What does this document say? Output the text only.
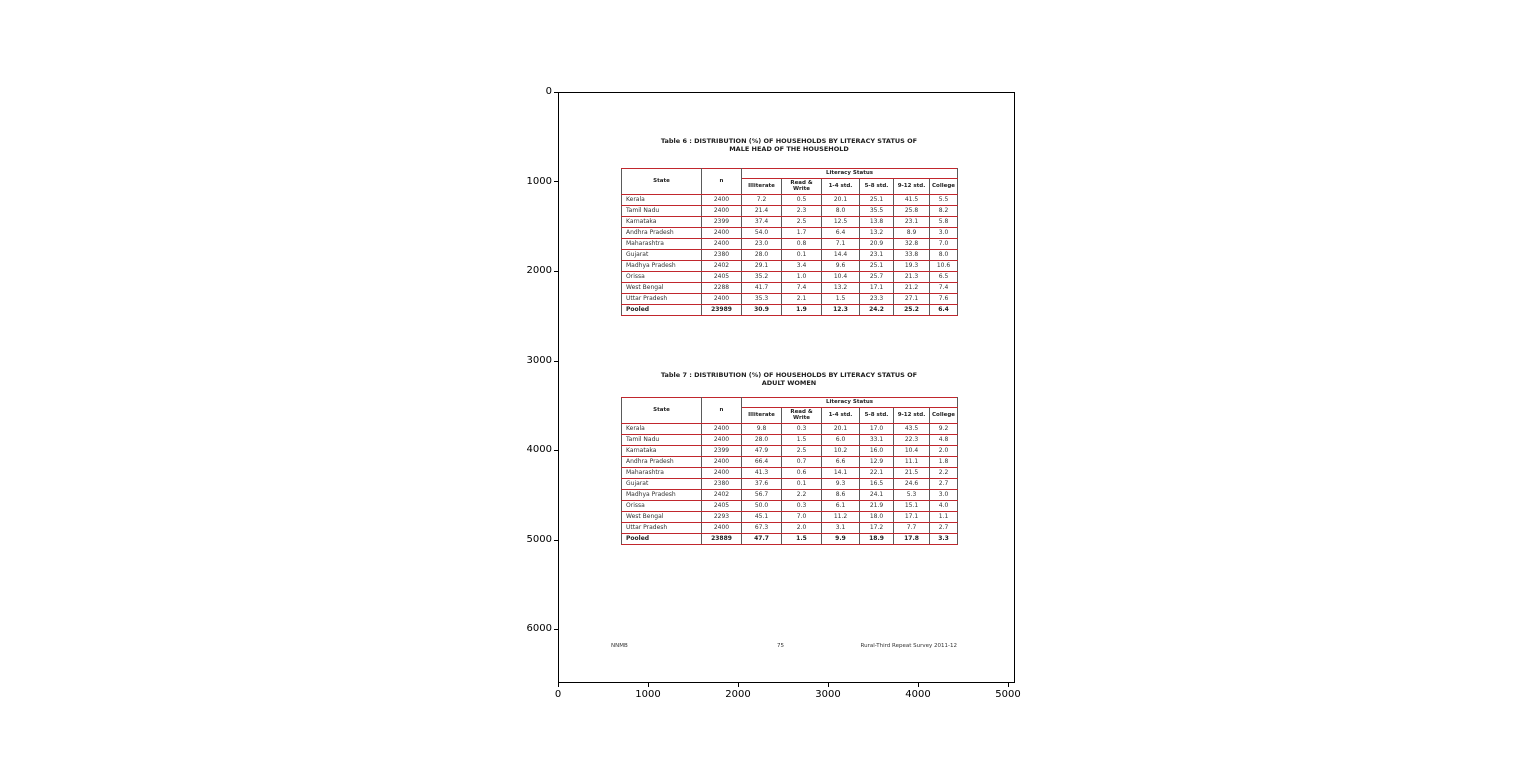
0
1000
2000
3000
4000
5000
6000
0	1000	2000	3000	4000	5000
Table 6 : DISTRIBUTION (%) OF HOUSEHOLDS BY LITERACY STATUS OF
MALE HEAD OF THE HOUSEHOLD
State	n	Literacy Status					
		Illiterate	Read & Write	1-4 std.	5-8 std.	9-12 std.	College
Kerala	2400	7.2	0.5	20.1	25.1	41.5	5.5
Tamil Nadu	2400	21.4	2.3	8.0	35.5	25.8	8.2
Karnataka	2399	37.4	2.5	12.5	13.8	23.1	5.8
Andhra Pradesh	2400	54.0	1.7	6.4	13.2	8.9	3.0
Maharashtra	2400	23.0	0.8	7.1	20.9	32.8	7.0
Gujarat	2380	28.0	0.1	14.4	23.1	33.8	8.0
Madhya Pradesh	2402	29.1	3.4	9.6	25.1	19.3	10.6
Orissa	2405	35.2	1.0	10.4	25.7	21.3	6.5
West Bengal	2288	41.7	7.4	13.2	17.1	21.2	7.4
Uttar Pradesh	2400	35.3	2.1	1.5	23.3	27.1	7.6
Pooled	23989	30.9	1.9	12.3	24.2	25.2	6.4
Table 7 : DISTRIBUTION (%) OF HOUSEHOLDS BY LITERACY STATUS OF
ADULT WOMEN
State	n	Literacy Status					
		Illiterate	Read & Write	1-4 std.	5-8 std.	9-12 std.	College
Kerala	2400	9.8	0.3	20.1	17.0	43.5	9.2
Tamil Nadu	2400	28.0	1.5	6.0	33.1	22.3	4.8
Karnataka	2399	47.9	2.5	10.2	16.0	10.4	2.0
Andhra Pradesh	2400	66.4	0.7	6.6	12.9	11.1	1.8
Maharashtra	2400	41.3	0.6	14.1	22.1	21.5	2.2
Gujarat	2380	37.6	0.1	9.3	16.5	24.6	2.7
Madhya Pradesh	2402	56.7	2.2	8.6	24.1	5.3	3.0
Orissa	2405	50.0	0.3	6.1	21.9	15.1	4.0
West Bengal	2293	45.1	7.0	11.2	18.0	17.1	1.1
Uttar Pradesh	2400	67.3	2.0	3.1	17.2	7.7	2.7
Pooled	23889	47.7	1.5	9.9	18.9	17.8	3.3
NNMB	75	Rural-Third Repeat Survey 2011-12
